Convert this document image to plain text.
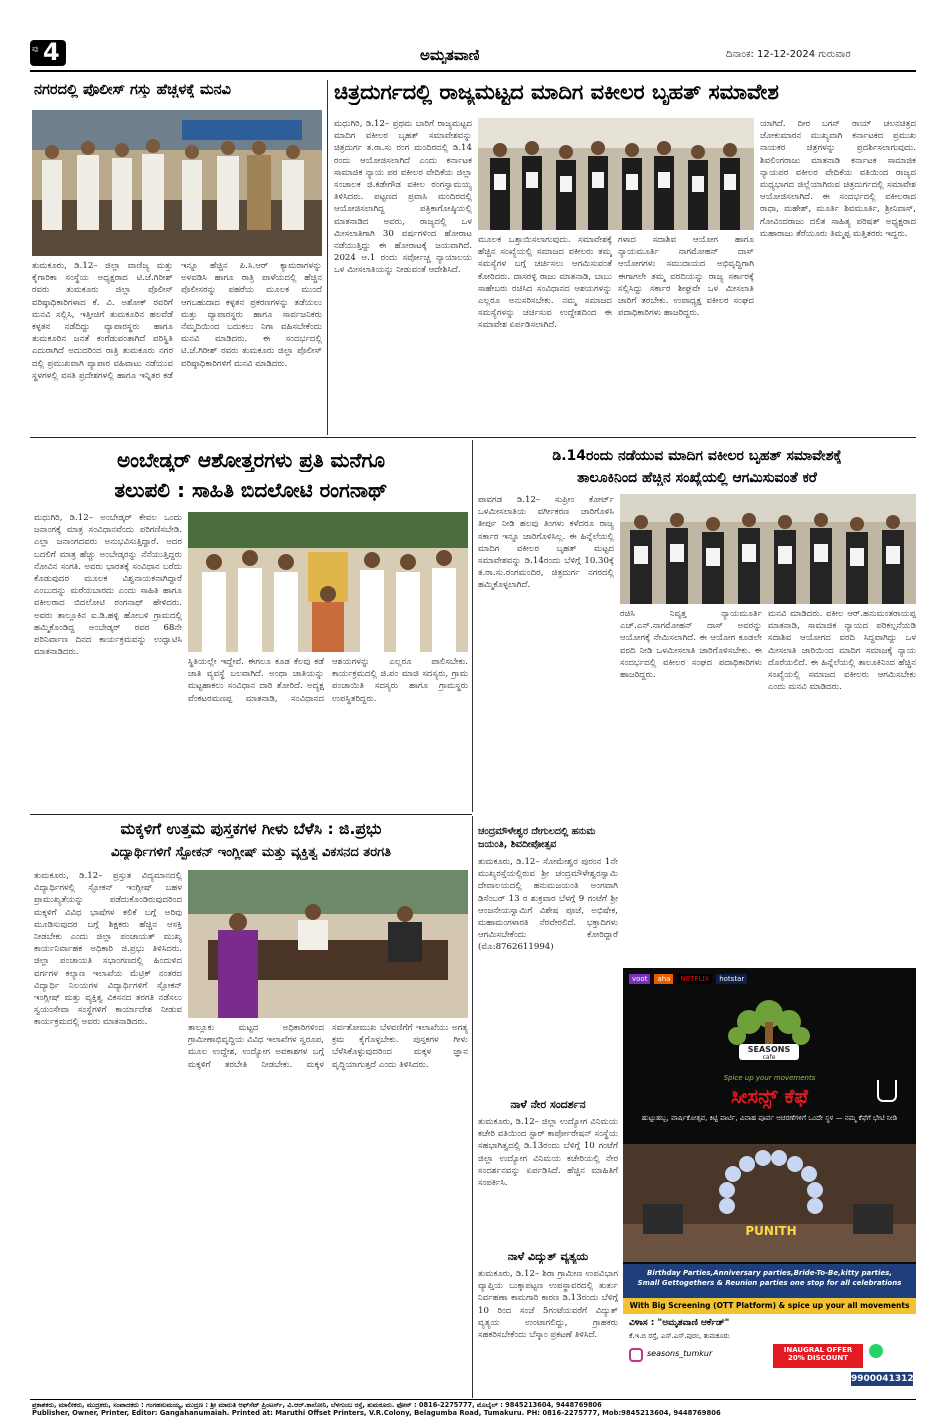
ಪು 4	ಅಮೃತವಾಣಿ	ದಿನಾಂಕ: 12-12-2024 ಗುರುವಾರ
ನಗರದಲ್ಲಿ ಪೊಲೀಸ್ ಗಸ್ತು ಹೆಚ್ಚಳಕ್ಕೆ ಮನವಿ
ತುಮಕೂರು, ಡಿ.12– ಜಿಲ್ಲಾ ವಾಣಿಜ್ಯ ಮತ್ತು ಕೈಗಾರಿಕಾ ಸಂಸ್ಥೆಯ ಅಧ್ಯಕ್ಷರಾದ ಟಿ.ಜೆ.ಗಿರೀಶ್ ರವರು ತುಮಕೂರು ಜಿಲ್ಲಾ ಪೊಲೀಸ್ ವರಿಷ್ಠಾಧಿಕಾರಿಗಳಾದ ಕೆ. ವಿ. ಅಶೋಕ್ ರವರಿಗೆ ಮನವಿ ಸಲ್ಲಿಸಿ, ಇತ್ತೀಚಿಗೆ ತುಮಕೂರಿನ ಹಲವೆಡೆ ಕಳ್ಳತನ ನಡೆದಿದ್ದು ವ್ಯಾಪಾರಸ್ಥರು ಹಾಗೂ ತುಮಕೂರಿನ ಜನತೆ ಕಂಗೆಡುವಂತಾಗಿದೆ ಪರಿಸ್ಥಿತಿ ಎದುರಾಗಿದೆ ಅದುದರಿಂದ ರಾತ್ರಿ ತುಮಕೂರು ನಗರ ದಲ್ಲಿ ಪ್ರಮುಖವಾಗಿ ವ್ಯಾಪಾರ ವಹಿವಾಟು ನಡೆಯುವ ಸ್ಥಳಗಳಲ್ಲಿ ವಸತಿ ಪ್ರದೇಶಗಳಲ್ಲಿ ಹಾಗೂ ಇನ್ನಿತರ ಕಡೆ ಇನ್ನೂ ಹೆಚ್ಚಿನ ಪಿ.ಸಿ.ಆರ್ ಕ್ಯಾಮರಾಗಳನ್ನು ಅಳವಡಿಸಿ ಹಾಗೂ ರಾತ್ರಿ ಪಾಳೆಯದಲ್ಲಿ ಹೆಚ್ಚಿನ ಪೊಲೀಸರನ್ನು ಪಹರೆಯ ಮೂಲಕ ಮುಂದೆ ಆಗಬಹುದಾದ ಕಳ್ಳತನ ಪ್ರಕರಣಗಳನ್ನು ತಡೆಯಲು ಮತ್ತು ವ್ಯಾಪಾರಸ್ಥರು ಹಾಗೂ ಸಾರ್ವಜನಿಕರು ನೆಮ್ಮದಿಯಿಂದ ಬದುಕಲು ನಿಗಾ ವಹಿಸಬೇಕೆಂದು ಮನವಿ ಮಾಡಿದರು. ಈ ಸಂದರ್ಭದಲ್ಲಿ ಟಿ.ಜೆ.ಗಿರೀಶ್ ರವರು ತುಮಕೂರು ಜಿಲ್ಲಾ ಪೊಲೀಸ್ ವರಿಷ್ಠಾಧಿಕಾರಿಗಳಿಗೆ ಮನವಿ ಮಾಡಿದರು.
ಚಿತ್ರದುರ್ಗದಲ್ಲಿ ರಾಜ್ಯಮಟ್ಟದ ಮಾದಿಗ ವಕೀಲರ ಬೃಹತ್ ಸಮಾವೇಶ
ಮಧುಗಿರಿ, ಡಿ.12– ಪ್ರಥಮ ಬಾರಿಗೆ ರಾಜ್ಯಮಟ್ಟದ ಮಾದಿಗ ವಕೀಲರ ಬೃಹತ್ ಸಮಾವೇಶವನ್ನು ಚಿತ್ರದುರ್ಗ ತ.ರಾ.ಸು ರಂಗ ಮಂದಿರದಲ್ಲಿ ಡಿ.14 ರಂದು ಆಯೋಜಿಸಲಾಗಿದೆ ಎಂದು ಕರ್ನಾಟಕ ಸಾಮಾಜಿಕ ನ್ಯಾಯ ಪರ ವಕೀಲರ ವೇದಿಕೆಯ ಜಿಲ್ಲಾ ಸಂಚಾಲಕ ಜಿ.ಕಡೇಗೌಡ ವಕೀಲ ರಂಗಸ್ವಾಮಯ್ಯ ತಿಳಿಸಿದರು. ಪಟ್ಟಣದ ಪ್ರವಾಸಿ ಮಂದಿರದಲ್ಲಿ ಆಯೋಜಿಸಲಾಗಿದ್ದ ಪತ್ರಿಕಾಗೋಷ್ಠಿಯಲ್ಲಿ ಮಾತನಾಡಿದ ಅವರು, ರಾಜ್ಯದಲ್ಲಿ ಒಳ ಮೀಸಲಾತಿಗಾಗಿ 30 ವರ್ಷಗಳಿಂದ ಹೋರಾಟ ನಡೆಯುತ್ತಿದ್ದು ಈ ಹೋರಾಟಕ್ಕೆ ಜಯವಾಗಿದೆ. 2024 ಆ.1 ರಂದು ಸರ್ವೋಚ್ಚ ನ್ಯಾಯಾಲಯ ಒಳ ಮೀಸಲಾತಿಯನ್ನು ನೀಡುವಂತೆ ಆದೇಶಿಸಿದೆ.
ಮೂಲಕ ಒತ್ತಾಯಿಸಲಾಗುವುದು. ಸಮಾವೇಶಕ್ಕೆ ಹೆಚ್ಚಿನ ಸಂಖ್ಯೆಯಲ್ಲಿ ಸಮಾಜದ ವಕೀಲರು ತಮ್ಮ ಸಮಸ್ಯೆಗಳ ಬಗ್ಗೆ ಚರ್ಚಿಸಲು ಆಗಮಿಸುವಂತೆ ಕೋರಿದರು. ದಾಸರಳ್ಳಿ ರಾಜು ಮಾತನಾಡಿ, ಬಾಬು ಸಾಹೇಬರು ರಚಿಸಿದ ಸಂವಿಧಾನದ ಆಶಯಗಳನ್ನು ಎಲ್ಲರೂ ಅನುಸರಿಸಬೇಕು. ನಮ್ಮ ಸಮಾಜದ ಸಮಸ್ಯೆಗಳನ್ನು ಚರ್ಚಿಸುವ ಉದ್ದೇಶದಿಂದ ಈ ಸಮಾವೇಶ ಏರ್ಪಡಿಸಲಾಗಿದೆ.
ಗಳಾದ ಸದಾಶಿವ ಆಯೋಗ ಹಾಗೂ ನ್ಯಾಯಮೂರ್ತಿ ನಾಗಮೋಹನ್ ದಾಸ್ ಆಯೋಗಗಳು ಸಮುದಾಯದ ಅಭಿವೃದ್ಧಿಗಾಗಿ ಈಗಾಗಲೇ ತಮ್ಮ ವರದಿಯನ್ನು ರಾಜ್ಯ ಸರ್ಕಾರಕ್ಕೆ ಸಲ್ಲಿಸಿದ್ದು ಸರ್ಕಾರ ಶೀಘ್ರವೇ ಒಳ ಮೀಸಲಾತಿ ಜಾರಿಗೆ ತರಬೇಕು. ಉಪಾಧ್ಯಕ್ಷ ವಕೀಲರ ಸಂಘದ ಪದಾಧಿಕಾರಿಗಳು ಹಾಜರಿದ್ದರು.
ಯಾಗಿದೆ. ದೀರ ಬಗನ್ ರಾಯ್ ಚಲನಚಿತ್ರದ ಜೋಕುಮಾರನ ಮುಖ್ಯವಾಗಿ ಕರ್ನಾಟಕದ ಪ್ರಮುಖ ನಾಯಕರ ಚಿತ್ರಗಳನ್ನು ಪ್ರದರ್ಶಿಸಲಾಗುವುದು. ಶಿವಲಿಂಗರಾಜು ಮಾತನಾಡಿ ಕರ್ನಾಟಕ ಸಾಮಾಜಿಕ ನ್ಯಾಯಪರ ವಕೀಲರ ವೇದಿಕೆಯ ವತಿಯಿಂದ ರಾಜ್ಯದ ಮಧ್ಯಭಾಗದ ಜಿಲ್ಲೆಯಾಗಿರುವ ಚಿತ್ರದುರ್ಗದಲ್ಲಿ ಸಮಾವೇಶ ಆಯೋಜಿಸಲಾಗಿದೆ. ಈ ಸಂದರ್ಭದಲ್ಲಿ ವಕೀಲರಾದ ರಾಧಾ, ಮಹೇಶ್, ಮೂರ್ತಿ ಶಿವಮೂರ್ತಿ, ಶ್ರೀನಿವಾಸ್, ಗೋವಿಂದರಾಜು ದಲಿತ ಸಾಹಿತ್ಯ ಪರಿಷತ್ ಅಧ್ಯಕ್ಷರಾದ ಮಹಾರಾಜು ತೆರೆಯೂರು ತಿಮ್ಮಪ್ಪ ಮತ್ತಿತರರು ಇದ್ದರು.
ಅಂಬೇಡ್ಕರ್ ಆಶೋತ್ತರಗಳು ಪ್ರತಿ ಮನೆಗೂ
ತಲುಪಲಿ : ಸಾಹಿತಿ ಬಿದಲೋಟಿ ರಂಗನಾಥ್
ಮಧುಗಿರಿ, ಡಿ.12– ಅಂಬೇಡ್ಕರ್ ಕೇವಲ ಒಂದು ಜನಾಂಗಕ್ಕೆ ಮಾತ್ರ ಸಂವಿಧಾನವೆಂದು ಪರಿಗಣಿಸಬೇಡಿ. ಎಲ್ಲಾ ಜನಾಂಗದವರು ಅನುಭವಿಸುತ್ತಿದ್ದಾರೆ. ಅದರ ಬದಲಿಗೆ ಮಾತ್ರ ಹೆಚ್ಚು ಅಂಬೇಡ್ಕರನ್ನು ನೆನೆಯುತ್ತಿದ್ದರು ನೋವಿನ ಸಂಗತಿ. ಅವರು ಭಾರತಕ್ಕೆ ಸಂವಿಧಾನ ಬರೆದು ಕೊಡುವುದರ ಮೂಲಕ ವಿಶ್ವನಾಯಕನಾಗಿದ್ದಾರೆ ಎಂಬುದನ್ನು ಮರೆಯಬಾರದು ಎಂದು ಸಾಹಿತಿ ಹಾಗೂ ವಕೀಲರಾದ ಬಿದಲೋಟಿ ರಂಗನಾಥ್ ಹೇಳಿದರು. ಅವರು ತಾಲ್ಲೂಕಿನ ಐ.ಡಿ.ಹಳ್ಳಿ ಹೋಬಳಿ ಗ್ರಾಮದಲ್ಲಿ ಹಮ್ಮಿಕೊಂಡಿದ್ದ ಅಂಬೇಡ್ಕರ್ ರವರ 68ನೇ ಪರಿನಿರ್ವಾಣ ದಿನದ ಕಾರ್ಯಕ್ರಮವನ್ನು ಉದ್ಘಾಟಿಸಿ ಮಾತನಾಡಿದರು.
ಸ್ಥಿತಿಯಲ್ಲೇ ಇದ್ದೇವೆ. ಈಗಲೂ ಕೂಡ ಕೆಲವು ಕಡೆ ಜಾತಿ ವ್ಯವಸ್ಥೆ ಬಲವಾಗಿದೆ. ಅಂಥಾ ಜಾತಿಯನ್ನು ಮಟ್ಟಹಾಕಲು ಸಂವಿಧಾನ ದಾರಿ ತೋರಿದೆ. ಅದ್ಯಕ್ಷ ವೆಂಕಟರಮಣಪ್ಪ ಮಾತನಾಡಿ, ಸಂವಿಧಾನದ ಆಶಯಗಳನ್ನು ಎಲ್ಲರೂ ಪಾಲಿಸಬೇಕು. ಕಾರ್ಯಕ್ರಮದಲ್ಲಿ ಜಿ.ಪಂ ಮಾಜಿ ಸದಸ್ಯರು, ಗ್ರಾಮ ಪಂಚಾಯಿತಿ ಸದಸ್ಯರು ಹಾಗೂ ಗ್ರಾಮಸ್ಥರು ಉಪಸ್ಥಿತರಿದ್ದರು.
ಡಿ.14ರಂದು ನಡೆಯುವ ಮಾದಿಗ ವಕೀಲರ ಬೃಹತ್ ಸಮಾವೇಶಕ್ಕೆ
ತಾಲೂಕಿನಿಂದ ಹೆಚ್ಚಿನ ಸಂಖ್ಯೆಯಲ್ಲಿ ಆಗಮಿಸುವಂತೆ ಕರೆ
ಪಾವಗಡ ಡಿ.12– ಸುಪ್ರೀಂ ಕೋರ್ಟ್ ಒಳಮೀಸಲಾತಿಯ ವರ್ಗೀಕರಣ ಜಾರಿಗೊಳಿಸಿ ತೀರ್ಪು ನೀಡಿ ಹಲವು ತಿಂಗಳು ಕಳೆದರೂ ರಾಜ್ಯ ಸರ್ಕಾರ ಇನ್ನೂ ಜಾರಿಗೊಳಿಸಿಲ್ಲ. ಈ ಹಿನ್ನೆಲೆಯಲ್ಲಿ ಮಾದಿಗ ವಕೀಲರ ಬೃಹತ್ ಮಟ್ಟದ ಸಮಾವೇಶವನ್ನು ಡಿ.14ರಂದು ಬೆಳಿಗ್ಗೆ 10.30ಕ್ಕೆ ತ.ರಾ.ಸು.ರಂಗಮಂದಿರ, ಚಿತ್ರದುರ್ಗ ನಗರದಲ್ಲಿ ಹಮ್ಮಿಕೊಳ್ಳಲಾಗಿದೆ.
ರಚಿಸಿ ನಿವೃತ್ತ ನ್ಯಾಯಮೂರ್ತಿ ಎಚ್.ಎನ್.ನಾಗಮೋಹನ್ ದಾಸ್ ಅವರನ್ನು ಆಯೋಗಕ್ಕೆ ನೇಮಿಸಲಾಗಿದೆ. ಈ ಆಯೋಗ ಕೂಡಲೇ ವರದಿ ನೀಡಿ ಒಳಮೀಸಲಾತಿ ಜಾರಿಗೊಳಿಸಬೇಕು. ಈ ಸಂದರ್ಭದಲ್ಲಿ ವಕೀಲರ ಸಂಘದ ಪದಾಧಿಕಾರಿಗಳು ಹಾಜರಿದ್ದರು.
ಮನವಿ ಮಾಡಿದರು. ವಕೀಲ ಆರ್.ಹನುಮಂತರಾಯಪ್ಪ ಮಾತನಾಡಿ, ಸಾಮಾಜಿಕ ನ್ಯಾಯದ ಪರಿಕಲ್ಪನೆಯಡಿ ಸದಾಶಿವ ಆಯೋಗದ ವರದಿ ಸಿದ್ಧವಾಗಿದ್ದು ಒಳ ಮೀಸಲಾತಿ ಜಾರಿಯಿಂದ ಮಾದಿಗ ಸಮಾಜಕ್ಕೆ ನ್ಯಾಯ ದೊರೆಯಲಿದೆ. ಈ ಹಿನ್ನೆಲೆಯಲ್ಲಿ ತಾಲೂಕಿನಿಂದ ಹೆಚ್ಚಿನ ಸಂಖ್ಯೆಯಲ್ಲಿ ಸಮಾಜದ ವಕೀಲರು ಆಗಮಿಸಬೇಕು ಎಂದು ಮನವಿ ಮಾಡಿದರು.
ಮಕ್ಕಳಿಗೆ ಉತ್ತಮ ಪುಸ್ತಕಗಳ ಗೀಳು ಬೆಳೆಸಿ : ಜಿ.ಪ್ರಭು
ವಿದ್ಯಾರ್ಥಿಗಳಿಗೆ ಸ್ಪೋಕನ್ ಇಂಗ್ಲೀಷ್ ಮತ್ತು ವ್ಯಕ್ತಿತ್ವ ವಿಕಸನದ ತರಗತಿ
ತುಮಕೂರು, ಡಿ.12– ಪ್ರಸ್ತುತ ವಿದ್ಯಮಾನದಲ್ಲಿ ವಿದ್ಯಾರ್ಥಿಗಳಲ್ಲಿ ಸ್ಪೋಕನ್ ಇಂಗ್ಲೀಷ್ ಬಹಳ ಪ್ರಾಮುಖ್ಯತೆಯನ್ನು ಪಡೆದುಕೊಂಡಿರುವುದರಿಂದ ಮಕ್ಕಳಿಗೆ ವಿವಿಧ ಭಾಷೆಗಳ ಕಲಿಕೆ ಬಗ್ಗೆ ಅರಿವು ಮೂಡಿಸುವುದರ ಬಗ್ಗೆ ಶಿಕ್ಷಕರು ಹೆಚ್ಚಿನ ಆಸಕ್ತಿ ನೀಡಬೇಕು ಎಂದು ಜಿಲ್ಲಾ ಪಂಚಾಯತ್ ಮುಖ್ಯ ಕಾರ್ಯನಿರ್ವಾಹಕ ಅಧಿಕಾರಿ ಜಿ.ಪ್ರಭು ತಿಳಿಸಿದರು. ಜಿಲ್ಲಾ ಪಂಚಾಯತಿ ಸಭಾಂಗಣದಲ್ಲಿ ಹಿಂದುಳಿದ ವರ್ಗಗಳ ಕಲ್ಯಾಣ ಇಲಾಖೆಯ ಮೆಟ್ರಿಕ್ ನಂತರದ ವಿದ್ಯಾರ್ಥಿ ನಿಲಯಗಳ ವಿದ್ಯಾರ್ಥಿಗಳಿಗೆ ಸ್ಪೋಕನ್ ಇಂಗ್ಲೀಷ್ ಮತ್ತು ವ್ಯಕ್ತಿತ್ವ ವಿಕಸನದ ತರಗತಿ ನಡೆಸಲು ಸ್ವಯಂಸೇವಾ ಸಂಸ್ಥೆಗಳಿಗೆ ಕಾರ್ಯಾದೇಶ ನೀಡುವ ಕಾರ್ಯಕ್ರಮದಲ್ಲಿ ಅವರು ಮಾತನಾಡಿದರು.
ತಾಲ್ಲೂಕು ಮಟ್ಟದ ಅಧಿಕಾರಿಗಳಿಂದ ಗ್ರಾಮೀಣಾಭಿವೃದ್ಧಿಯ ವಿವಿಧ ಇಲಾಖೆಗಳ ಸ್ವರೂಪ, ಮೂಲ ಉದ್ದೇಶ, ಉದ್ಯೋಗ ಅವಕಾಶಗಳ ಬಗ್ಗೆ ಮಕ್ಕಳಿಗೆ ತರಬೇತಿ ನೀಡಬೇಕು. ಮಕ್ಕಳ ಸರ್ವತೋಮುಖ ಬೆಳವಣಿಗೆಗೆ ಇಲಾಖೆಯು ಅಗತ್ಯ ಕ್ರಮ ಕೈಗೊಳ್ಳಬೇಕು. ಪುಸ್ತಕಗಳ ಗೀಳು ಬೆಳೆಸಿಕೊಳ್ಳುವುದರಿಂದ ಮಕ್ಕಳ ಜ್ಞಾನ ವೃದ್ಧಿಯಾಗುತ್ತದೆ ಎಂದು ತಿಳಿಸಿದರು.
ಚಂದ್ರಮೌಳೇಶ್ವರ ದೇಗುಲದಲ್ಲಿ ಹನುಮ ಜಯಂತಿ, ಶಿವದೀಪೋತ್ಸವ
ತುಮಕೂರು, ಡಿ.12– ಸೋಮೇಶ್ವರ ಪುರಂನ 1ನೇ ಮುಖ್ಯರಸ್ತೆಯಲ್ಲಿರುವ ಶ್ರೀ ಚಂದ್ರಮೌಳೇಶ್ವರಸ್ವಾಮಿ ದೇವಾಲಯದಲ್ಲಿ ಹನುಮಜಯಂತಿ ಅಂಗವಾಗಿ ಡಿಸೆಂಬರ್ 13 ರ ಶುಕ್ರವಾರ ಬೆಳಗ್ಗೆ 9 ಗಂಟೆಗೆ ಶ್ರೀ ಆಂಜನೇಯಸ್ವಾಮಿಗೆ ವಿಶೇಷ ಪೂಜೆ, ಅಭಿಷೇಕ, ಮಹಾಮಂಗಳಾರತಿ ನೆರವೇರಲಿದೆ. ಭಕ್ತಾದಿಗಳು ಆಗಮಿಸಬೇಕೆಂದು ಕೋರಿದ್ದಾರೆ (ಮೊ:8762611994)
ನಾಳೆ ನೇರ ಸಂದರ್ಶನ
ತುಮಕೂರು, ಡಿ.12– ಜಿಲ್ಲಾ ಉದ್ಯೋಗ ವಿನಿಮಯ ಕಚೇರಿ ವತಿಯಿಂದ ಸ್ಟಾರ್ ಕಾರ್ಪೋರೇಷನ್ ಸಂಸ್ಥೆಯ ಸಹಭಾಗಿತ್ವದಲ್ಲಿ ಡಿ.13ರಂದು ಬೆಳಿಗ್ಗೆ 10 ಗಂಟೆಗೆ ಜಿಲ್ಲಾ ಉದ್ಯೋಗ ವಿನಿಮಯ ಕಚೇರಿಯಲ್ಲಿ ನೇರ ಸಂದರ್ಶನವನ್ನು ಏರ್ಪಡಿಸಿದೆ. ಹೆಚ್ಚಿನ ಮಾಹಿತಿಗೆ ಸಂಪರ್ಕಿಸಿ.
ನಾಳೆ ವಿದ್ಯುತ್ ವ್ಯತ್ಯಯ
ತುಮಕೂರು, ಡಿ.12– ಶಿರಾ ಗ್ರಾಮೀಣ ಉಪವಿಭಾಗ ವ್ಯಾಪ್ತಿಯ ಬುಕ್ಕಾಪಟ್ಟಣ ಉಪಸ್ಥಾವರದಲ್ಲಿ ತುರ್ತು ನಿರ್ವಹಣಾ ಕಾಮಗಾರಿ ಕಾರಣ ಡಿ.13ರಂದು ಬೆಳಿಗ್ಗೆ 10 ರಿಂದ ಸಂಜೆ 5ಗಂಟೆಯವರೆಗೆ ವಿದ್ಯುತ್ ವ್ಯತ್ಯಯ ಉಂಟಾಗಲಿದ್ದು, ಗ್ರಾಹಕರು ಸಹಕರಿಸಬೇಕೆಂದು ಬೆಸ್ಕಾಂ ಪ್ರಕಟಣೆ ತಿಳಿಸಿದೆ.
voot	aha	NETFLIX	hotstar
SEASONS
cafe
Spice up your movements
ಸೀಸನ್ಸ್ ಕೆಫೆ
ಹುಟ್ಟುಹಬ್ಬ, ವಾರ್ಷಿಕೋತ್ಸವ, ಕಿಟ್ಟಿ ಪಾರ್ಟಿ, ವಿವಾಹ ಪೂರ್ವ ಆಚರಣೆಗಳಿಗೆ ಒಂದೇ ಸ್ಥಳ — ನಮ್ಮ ಕೆಫೆಗೆ ಭೇಟಿ ನೀಡಿ
PUNITH
Birthday Parties,Anniversary parties,Bride-To-Be,kitty parties,
Small Gettogethers & Reunion parties one stop for all celebrations
With Big Screening (OTT Platform) & spice up your all movements
ವಿಳಾಸ : "ಅಮೃತವಾಣಿ ಆರ್ಕೆಡ್"
ಕೆ.ಇ.ಬಿ ರಸ್ತೆ, ಎಸ್.ಎಸ್.ಪುರಂ, ತುಮಕೂರು
seasons_tumkur	INAUGRAL OFFER
20% DISCOUNT
9900041312
ಪ್ರಕಾಶಕರು, ಮಾಲೀಕರು, ಮುದ್ರಕರು, ಸಂಪಾದಕರು : ಗಂಗಹನುಮಯ್ಯ, ಮುದ್ರಣ : ಶ್ರೀ ಮಾರುತಿ ಆಫ್‌ಸೆಟ್ ಪ್ರಿಂಟರ್ಸ್, ವಿ.ಆರ್.ಕಾಲೋನಿ, ಬೆಳಗುಂಬ ರಸ್ತೆ, ತುಮಕೂರು. ಫೋನ್ : 0816-2275777, ಮೊಬೈಲ್ : 9845213604, 9448769806
Publisher, Owner, Printer, Editor: Gangahanumaiah. Printed at: Maruthi Offset Printers, V.R.Colony, Belagumba Road, Tumakuru. PH: 0816-2275777, Mob:9845213604, 9448769806
